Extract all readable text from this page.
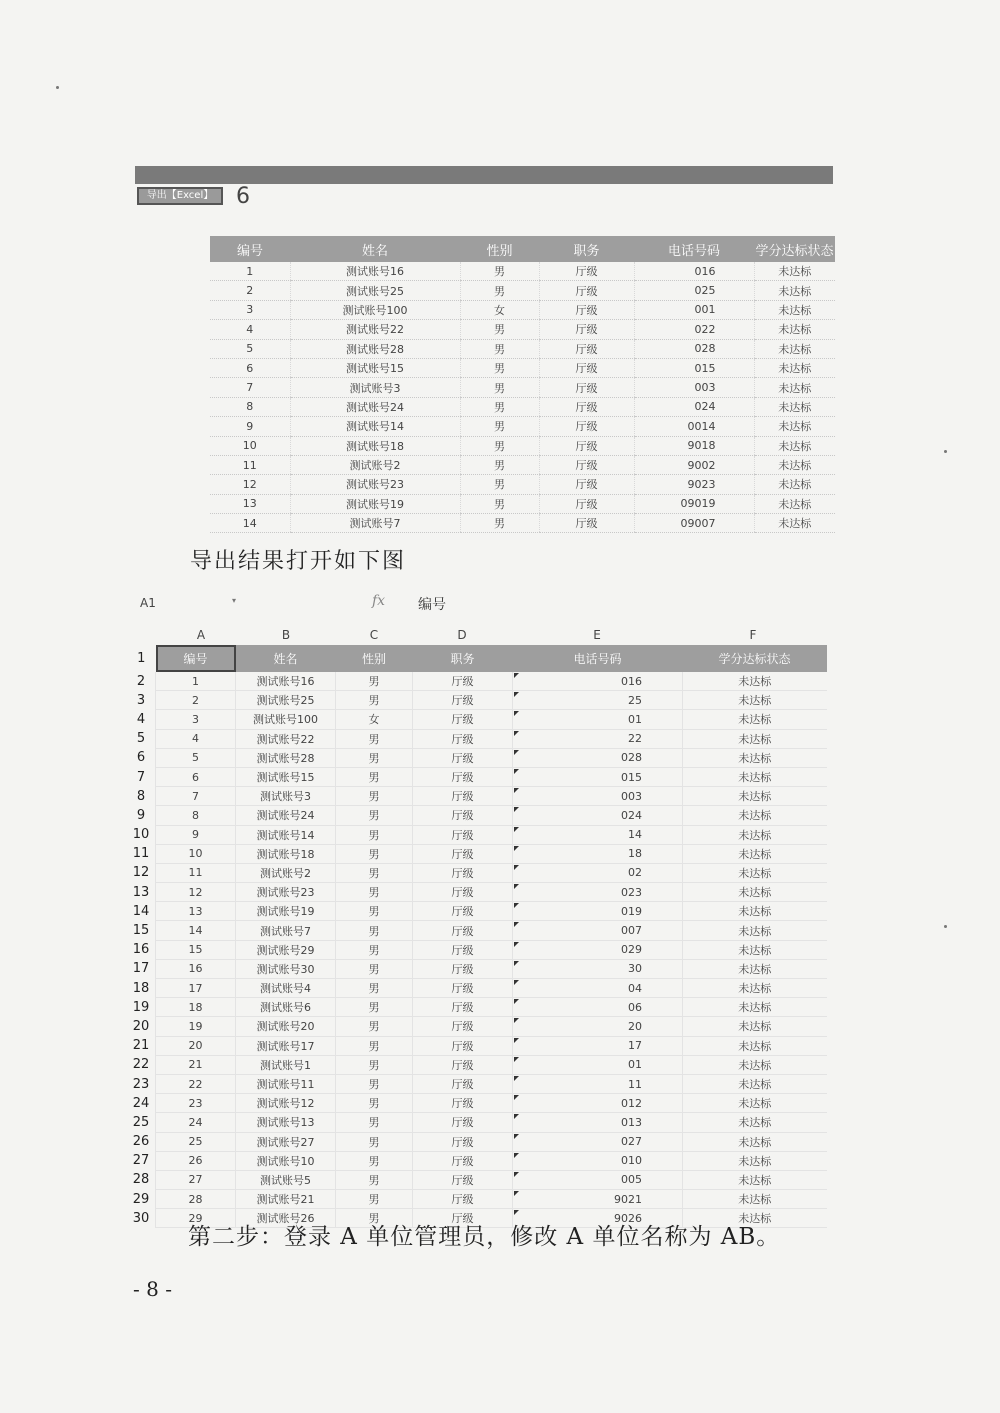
导出【Excel】	6
编号	姓名	性别	职务	电话号码	学分达标状态
1	测试账号16	男	厅级	016	未达标
2	测试账号25	男	厅级	025	未达标
3	测试账号100	女	厅级	001	未达标
4	测试账号22	男	厅级	022	未达标
5	测试账号28	男	厅级	028	未达标
6	测试账号15	男	厅级	015	未达标
7	测试账号3	男	厅级	003	未达标
8	测试账号24	男	厅级	024	未达标
9	测试账号14	男	厅级	0014	未达标
10	测试账号18	男	厅级	9018	未达标
11	测试账号2	男	厅级	9002	未达标
12	测试账号23	男	厅级	9023	未达标
13	测试账号19	男	厅级	09019	未达标
14	测试账号7	男	厅级	09007	未达标
导出结果打开如下图
A1	▾	fx 编号
A	B	C	D	E	F
1	编号	姓名	性别	职务	电话号码	学分达标状态
2	1	测试账号16	男	厅级	016	未达标
3	2	测试账号25	男	厅级	25	未达标
4	3	测试账号100	女	厅级	01	未达标
5	4	测试账号22	男	厅级	22	未达标
6	5	测试账号28	男	厅级	028	未达标
7	6	测试账号15	男	厅级	015	未达标
8	7	测试账号3	男	厅级	003	未达标
9	8	测试账号24	男	厅级	024	未达标
10	9	测试账号14	男	厅级	14	未达标
11	10	测试账号18	男	厅级	18	未达标
12	11	测试账号2	男	厅级	02	未达标
13	12	测试账号23	男	厅级	023	未达标
14	13	测试账号19	男	厅级	019	未达标
15	14	测试账号7	男	厅级	007	未达标
16	15	测试账号29	男	厅级	029	未达标
17	16	测试账号30	男	厅级	30	未达标
18	17	测试账号4	男	厅级	04	未达标
19	18	测试账号6	男	厅级	06	未达标
20	19	测试账号20	男	厅级	20	未达标
21	20	测试账号17	男	厅级	17	未达标
22	21	测试账号1	男	厅级	01	未达标
23	22	测试账号11	男	厅级	11	未达标
24	23	测试账号12	男	厅级	012	未达标
25	24	测试账号13	男	厅级	013	未达标
26	25	测试账号27	男	厅级	027	未达标
27	26	测试账号10	男	厅级	010	未达标
28	27	测试账号5	男	厅级	005	未达标
29	28	测试账号21	男	厅级	9021	未达标
30	29	测试账号26	男	厅级	9026	未达标
第二步：登录 A 单位管理员，修改 A 单位名称为 AB。
- 8 -
